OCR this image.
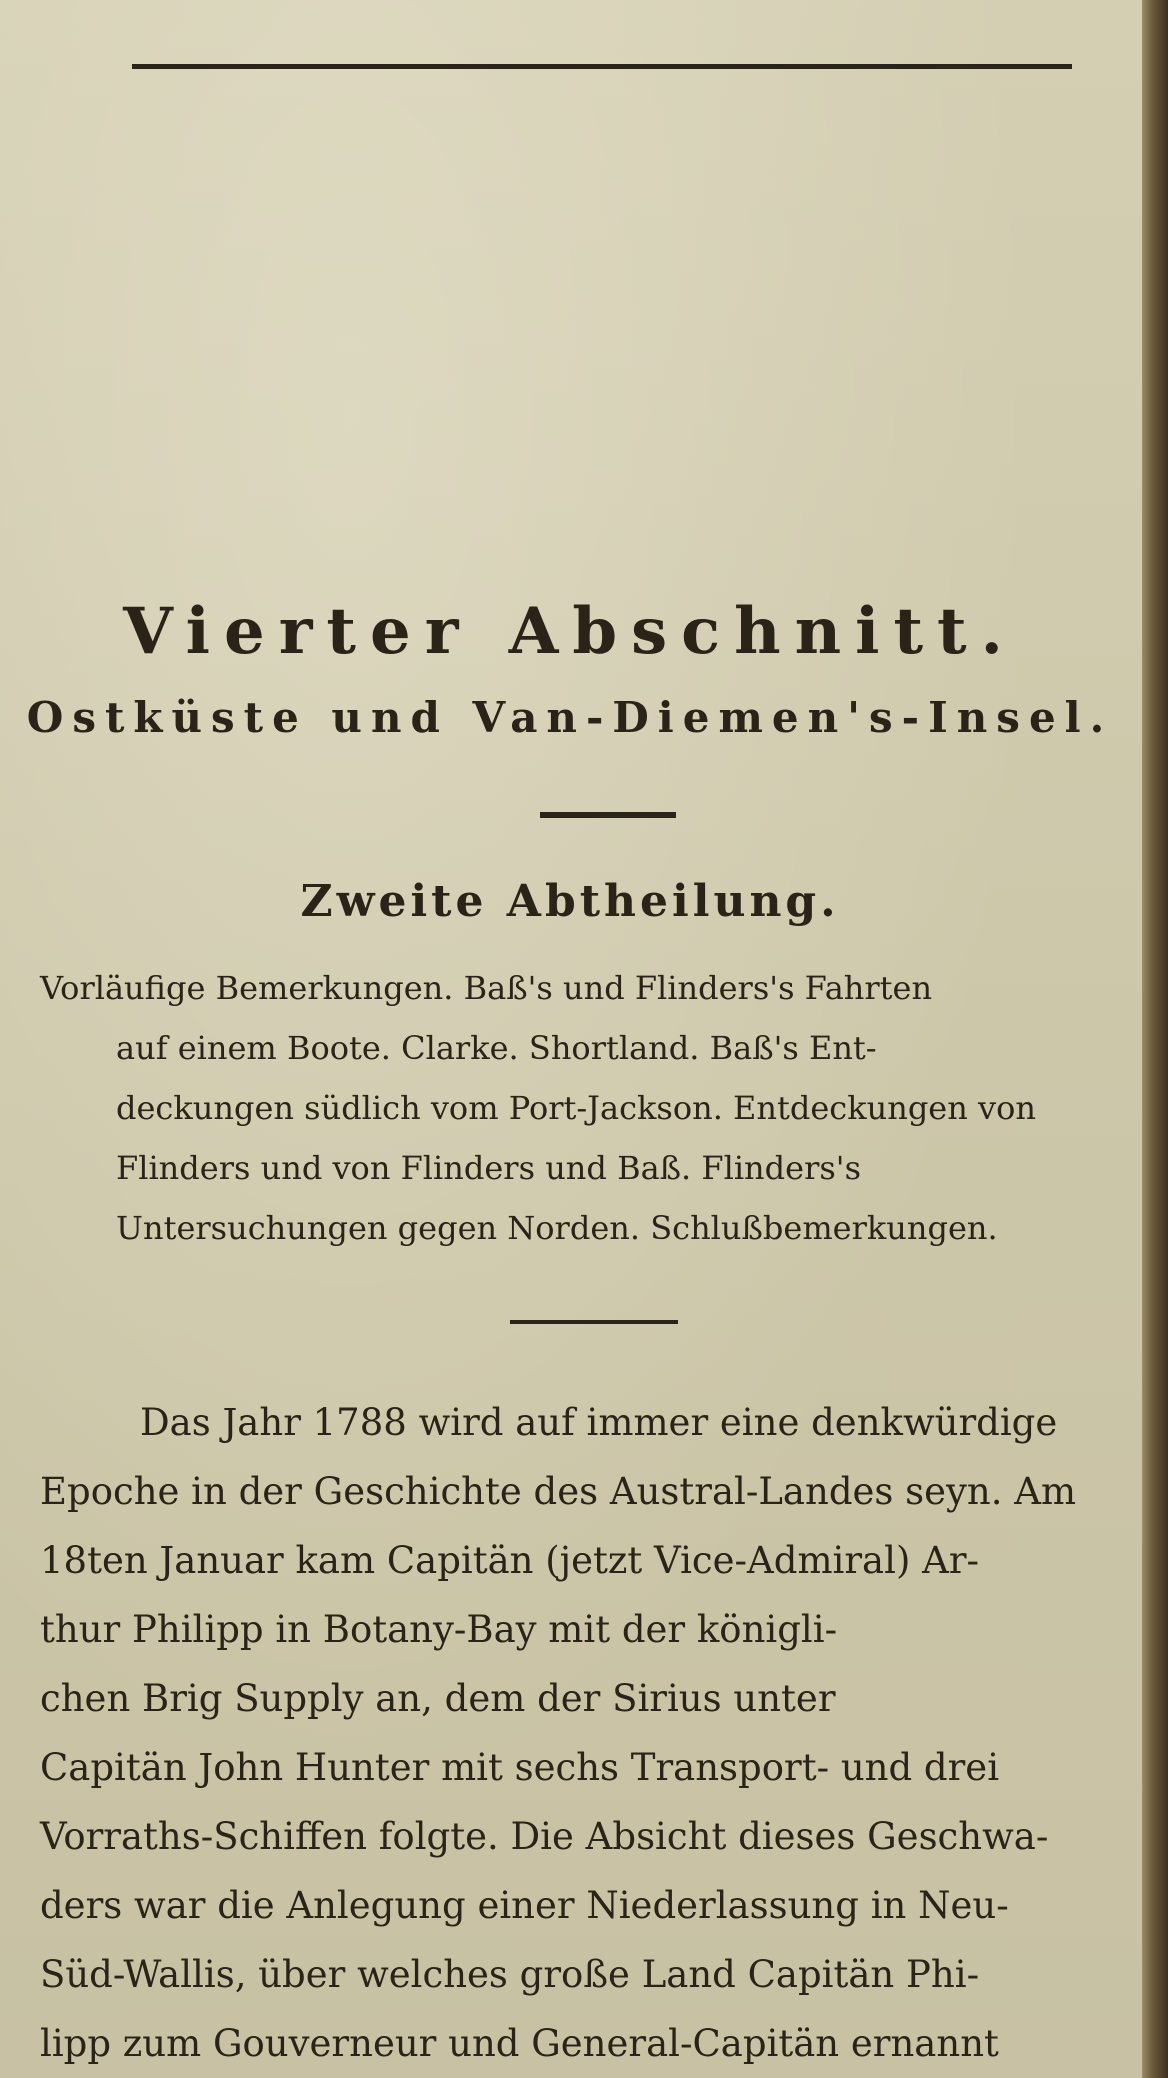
Vierter Abschnitt.
Ostküste und Van-Diemen's-Insel.
Zweite Abtheilung.
Vorläufige Bemerkungen. Baß's und Flinders's Fahrten
auf einem Boote. Clarke. Shortland. Baß's Ent-
deckungen südlich vom Port-Jackson. Entdeckungen von
Flinders und von Flinders und Baß. Flinders's
Untersuchungen gegen Norden. Schlußbemerkungen.
Das Jahr 1788 wird auf immer eine denkwürdige
Epoche in der Geschichte des Austral-Landes seyn. Am
18ten Januar kam Capitän (jetzt Vice-Admiral) Ar-
thur Philipp in Botany-Bay mit der königli-
chen Brig Supply an, dem der Sirius unter
Capitän John Hunter mit sechs Transport- und drei
Vorraths-Schiffen folgte. Die Absicht dieses Geschwa-
ders war die Anlegung einer Niederlassung in Neu-
Süd-Wallis, über welches große Land Capitän Phi-
lipp zum Gouverneur und General-Capitän ernannt
